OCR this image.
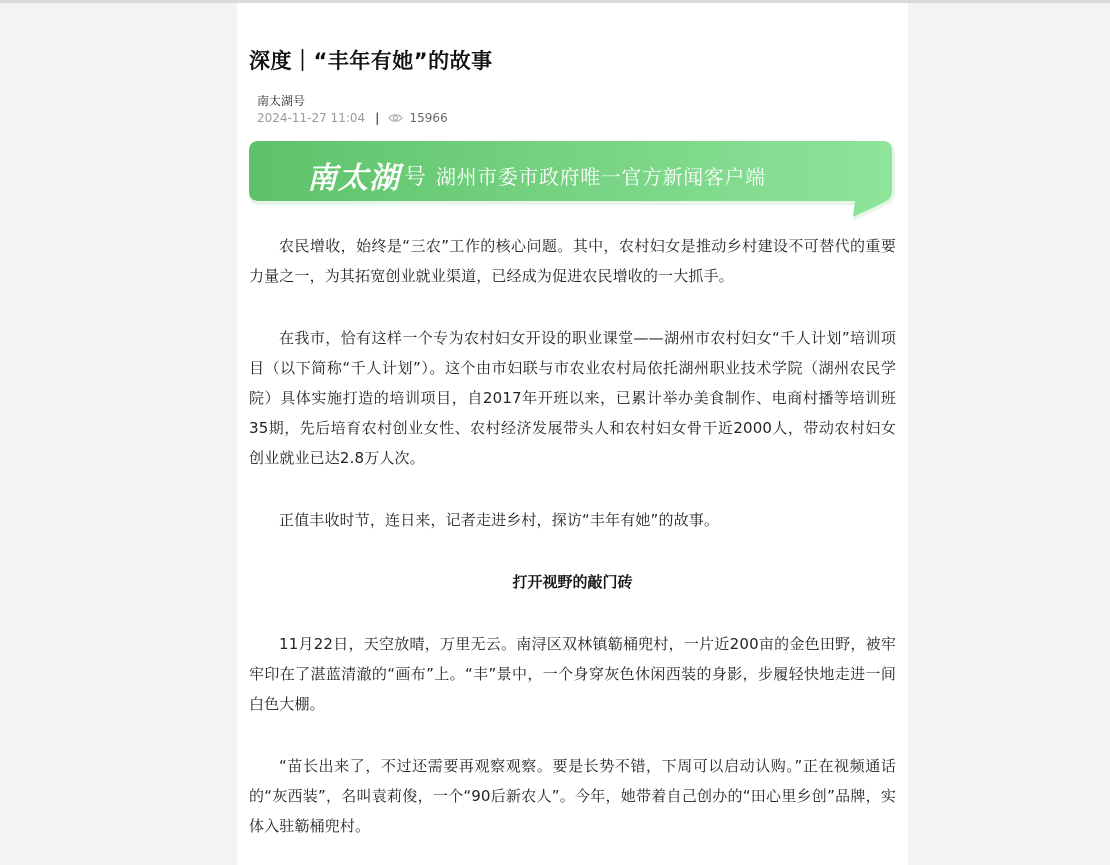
深度｜“丰年有她”的故事
南太湖号
2024-11-27 11:04 |	15966
南太湖 号 湖州市委市政府唯一官方新闻客户端

农民增收，始终是“三农”工作的核心问题。其中，农村妇女是推动乡村建设不可替代的重要力量之一，为其拓宽创业就业渠道，已经成为促进农民增收的一大抓手。

在我市，恰有这样一个专为农村妇女开设的职业课堂——湖州市农村妇女“千人计划”培训项目（以下简称“千人计划”）。这个由市妇联与市农业农村局依托湖州职业技术学院（湖州农民学院）具体实施打造的培训项目，自2017年开班以来，已累计举办美食制作、电商村播等培训班35期，先后培育农村创业女性、农村经济发展带头人和农村妇女骨干近2000人，带动农村妇女创业就业已达2.8万人次。

正值丰收时节，连日来，记者走进乡村，探访“丰年有她”的故事。

打开视野的敲门砖

11月22日，天空放晴，万里无云。南浔区双林镇簕桶兜村，一片近200亩的金色田野，被牢牢印在了湛蓝清澈的“画布”上。“丰”景中，一个身穿灰色休闲西装的身影，步履轻快地走进一间白色大棚。

“苗长出来了，不过还需要再观察观察。要是长势不错，下周可以启动认购。”正在视频通话的“灰西装”，名叫袁莉俊，一个“90后新农人”。今年，她带着自己创办的“田心里乡创”品牌，实体入驻簕桶兜村。
